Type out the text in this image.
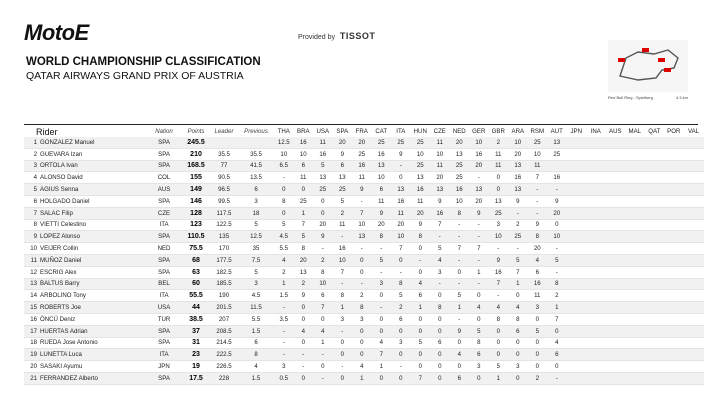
MotoE	Provided by TISSOT
WORLD CHAMPIONSHIP CLASSIFICATION
QATAR AIRWAYS GRAND PRIX OF AUSTRIA
Red Bull Ring - Spielberg	4.3 km
Rider		Nation	Points	Leader	Previous	THA	BRA	USA	SPA	FRA	CAT	ITA	HUN	CZE	NED	GER	GBR	ARA	RSM	AUT	JPN	INA	AUS	MAL	QAT	POR	VAL
1	GONZALEZ Manuel	SPA	245.5			12.5	16	11	20	20	25	25	25	11	20	10	2	10	25	13							
2	GUEVARA Izan	SPA	210	35.5	35.5	10	10	16	9	25	16	9	10	10	13	16	11	20	10	25							
3	ORTOLA Ivan	SPA	168.5	77	41.5	6.5	6	5	6	16	13	-	25	11	25	20	11	13	11								
4	ALONSO David	COL	155	90.5	13.5	-	11	13	13	11	10	0	13	20	25	-	0	16	7	16							
5	AGIUS Senna	AUS	149	96.5	6	0	0	25	25	9	6	13	16	13	16	13	0	13	-	-							
6	HOLGADO Daniel	SPA	146	99.5	3	8	25	0	5	-	11	16	11	9	10	20	13	9	-	9							
7	SALAC Filip	CZE	128	117.5	18	0	1	0	2	7	9	11	20	16	8	9	25	-	-	20							
8	VIETTI Celestino	ITA	123	122.5	5	5	7	20	11	10	20	20	9	7	-	-	3	2	9	0							
9	LOPEZ Alonso	SPA	110.5	135	12.5	4.5	5	9	-	13	8	10	8	-	-	-	10	25	8	10							
10	VEIJER Collin	NED	75.5	170	35	5.5	8	-	16	-	-	7	0	5	7	7	-	-	20	-							
11	MUÑOZ Daniel	SPA	68	177.5	7.5	4	20	2	10	0	5	0	-	4	-	-	9	5	4	5							
12	ESCRIG Alex	SPA	63	182.5	5	2	13	8	7	0	-	-	0	3	0	1	16	7	6	-							
13	BALTUS Barry	BEL	60	185.5	3	1	2	10	-	-	3	8	4	-	-	-	7	1	16	8							
14	ARBOLINO Tony	ITA	55.5	190	4.5	1.5	9	6	8	2	0	5	6	0	5	0	-	0	11	2							
15	ROBERTS Joe	USA	44	201.5	11.5	-	0	7	1	8	-	2	1	8	1	4	4	4	3	1							
16	ÖNCÜ Deniz	TUR	38.5	207	5.5	3.5	0	0	3	3	0	6	0	0	-	0	8	8	0	7							
17	HUERTAS Adrian	SPA	37	208.5	1.5	-	4	4	-	0	0	0	0	0	9	5	0	6	5	0							
18	RUEDA Jose Antonio	SPA	31	214.5	6	-	0	1	0	0	4	3	5	6	0	8	0	0	0	4							
19	LUNETTA Luca	ITA	23	222.5	8	-	-	-	0	0	7	0	0	0	4	6	0	0	0	6							
20	SASAKI Ayumu	JPN	19	226.5	4	3	-	0	-	4	1	-	0	0	0	3	5	3	0	0							
21	FERRANDEZ Alberto	SPA	17.5	228	1.5	0.5	0	-	0	1	0	0	7	0	6	0	1	0	2	-							
